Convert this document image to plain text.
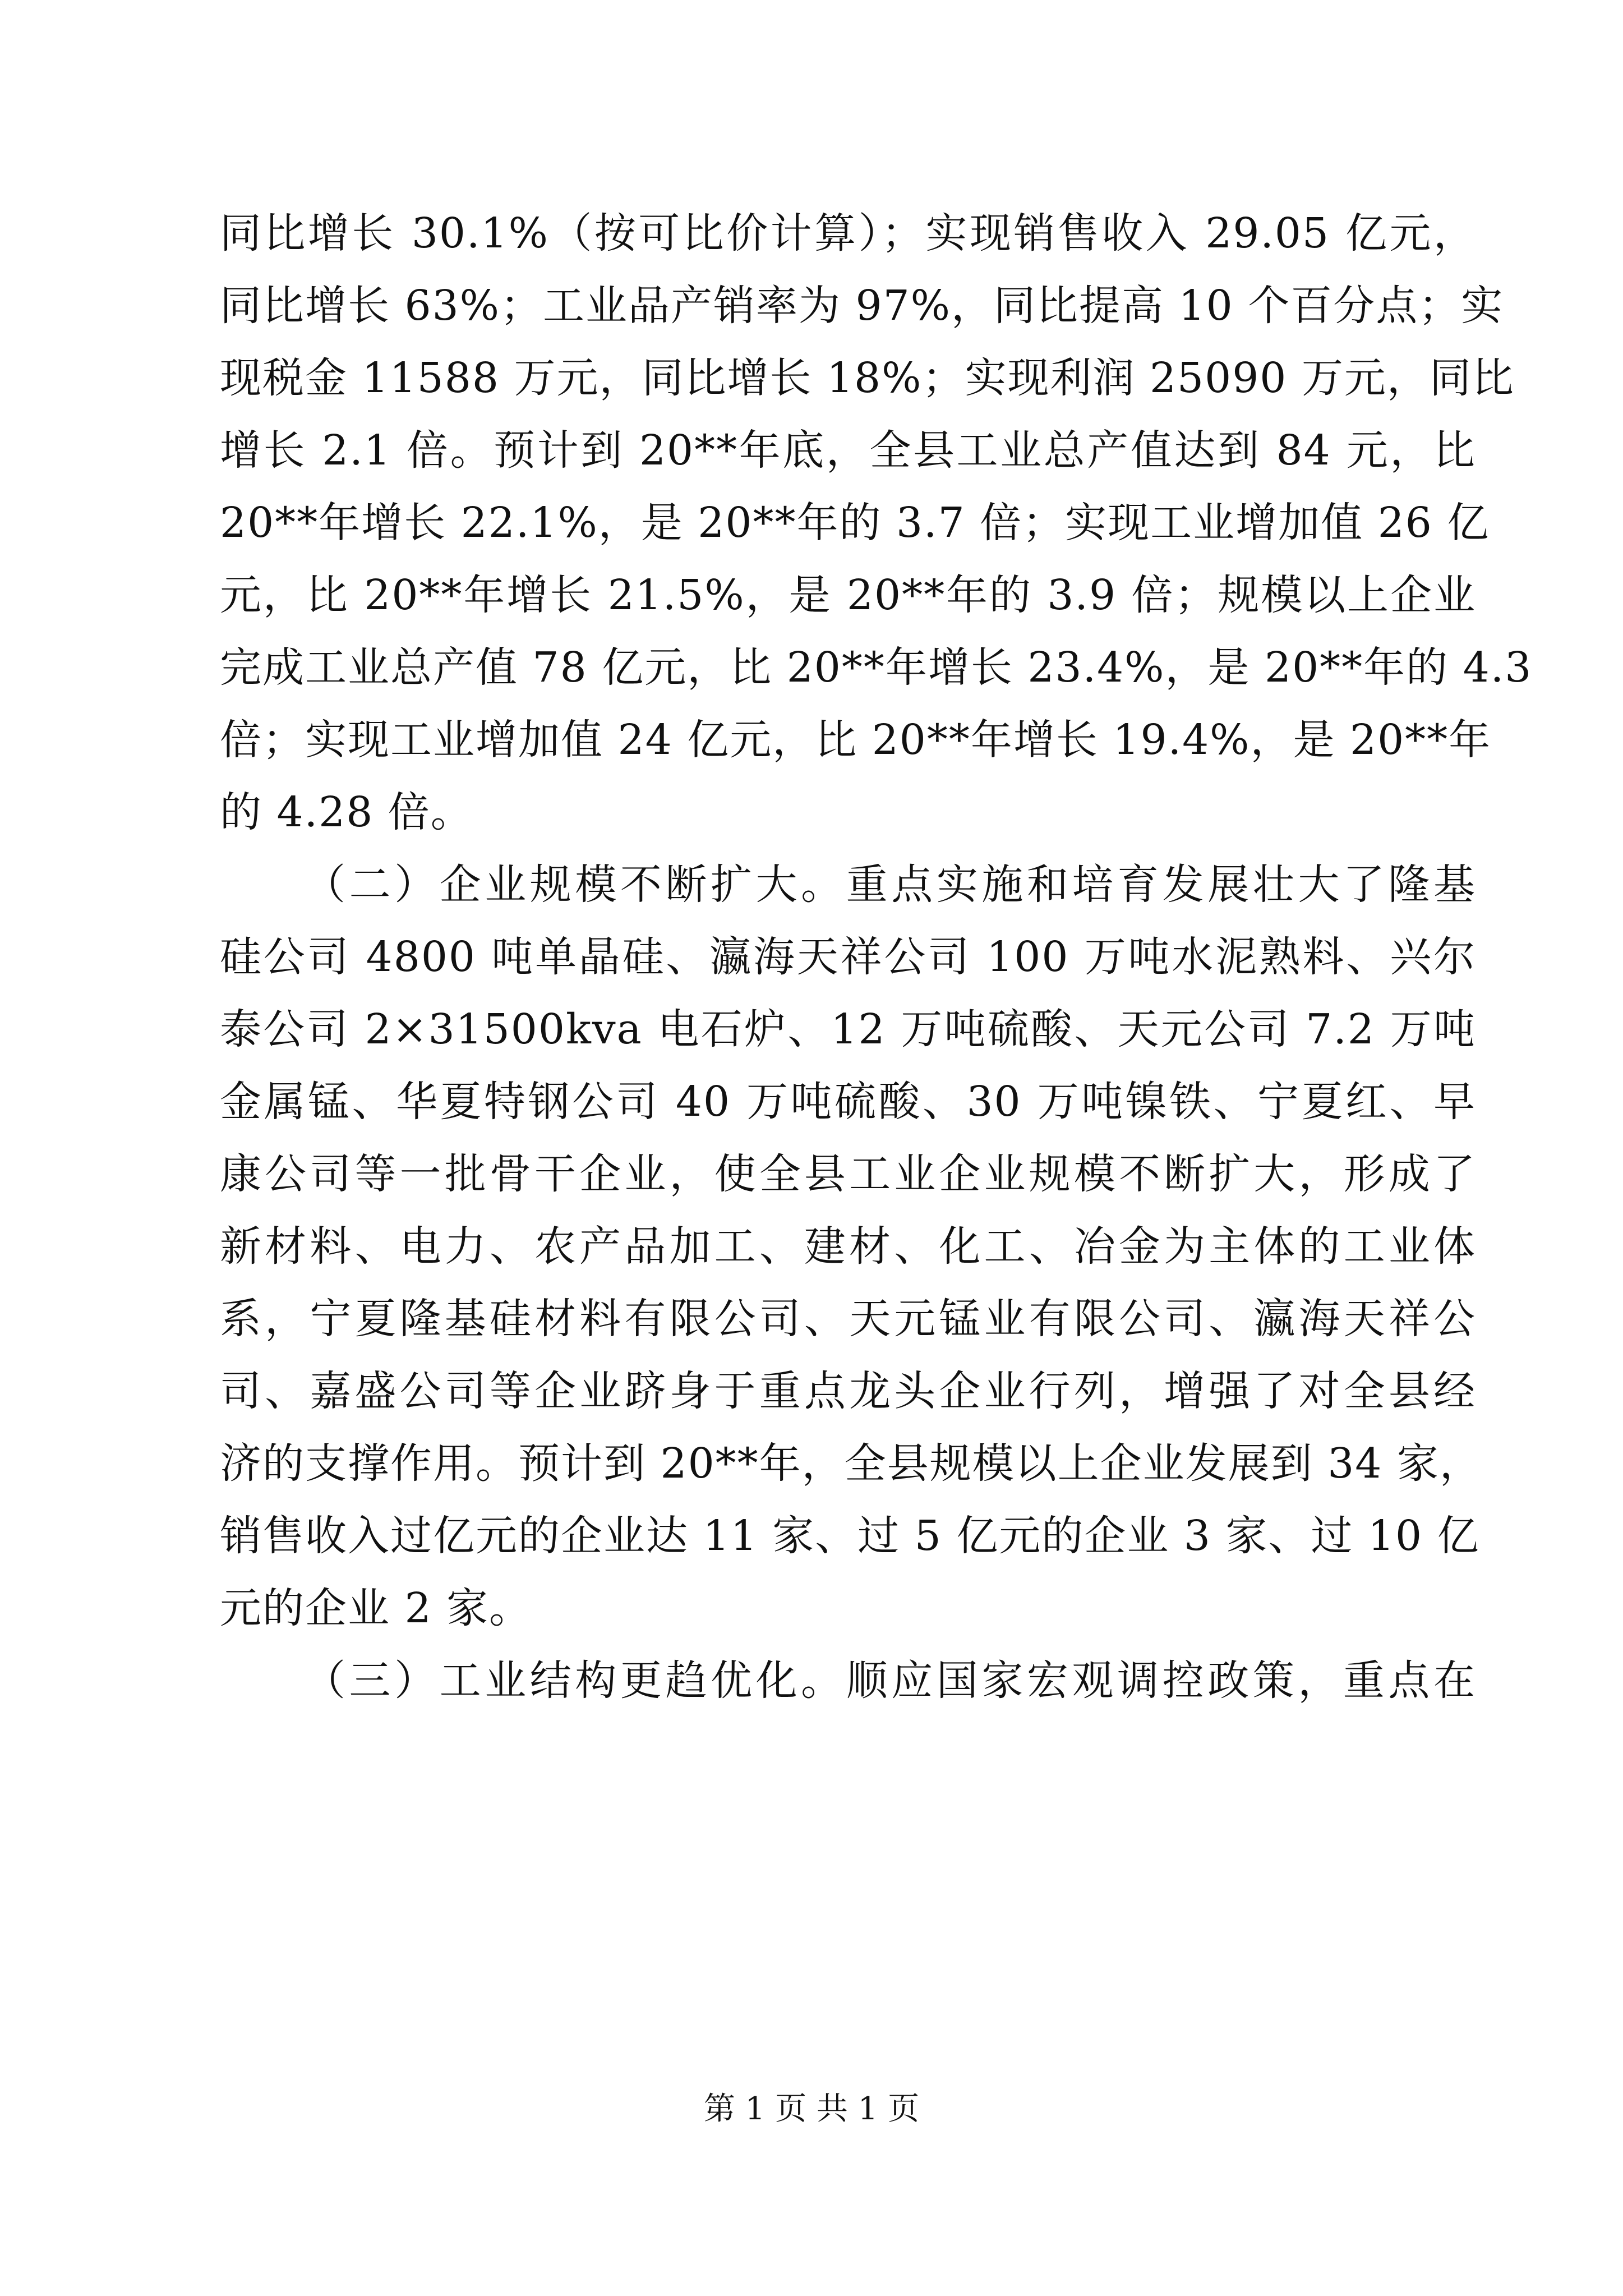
同比增长 30.1%（按可比价计算）；实现销售收入 29.05 亿元，
同比增长 63%；工业品产销率为 97%，同比提高 10 个百分点；实
现税金 11588 万元，同比增长 18%；实现利润 25090 万元，同比
增长 2.1 倍。预计到 20**年底，全县工业总产值达到 84 元，比
20**年增长 22.1%，是 20**年的 3.7 倍；实现工业增加值 26 亿
元，比 20**年增长 21.5%，是 20**年的 3.9 倍；规模以上企业
完成工业总产值 78 亿元，比 20**年增长 23.4%，是 20**年的 4.3
倍；实现工业增加值 24 亿元，比 20**年增长 19.4%，是 20**年
的 4.28 倍。
（二）企业规模不断扩大。重点实施和培育发展壮大了隆基
硅公司 4800 吨单晶硅、瀛海天祥公司 100 万吨水泥熟料、兴尔
泰公司 2×31500kva 电石炉、12 万吨硫酸、天元公司 7.2 万吨
金属锰、华夏特钢公司 40 万吨硫酸、30 万吨镍铁、宁夏红、早
康公司等一批骨干企业，使全县工业企业规模不断扩大，形成了
新材料、电力、农产品加工、建材、化工、冶金为主体的工业体
系，宁夏隆基硅材料有限公司、天元锰业有限公司、瀛海天祥公
司、嘉盛公司等企业跻身于重点龙头企业行列，增强了对全县经
济的支撑作用。预计到 20**年，全县规模以上企业发展到 34 家，
销售收入过亿元的企业达 11 家、过 5 亿元的企业 3 家、过 10 亿
元的企业 2 家。
（三）工业结构更趋优化。顺应国家宏观调控政策，重点在
第 1 页 共 1 页
